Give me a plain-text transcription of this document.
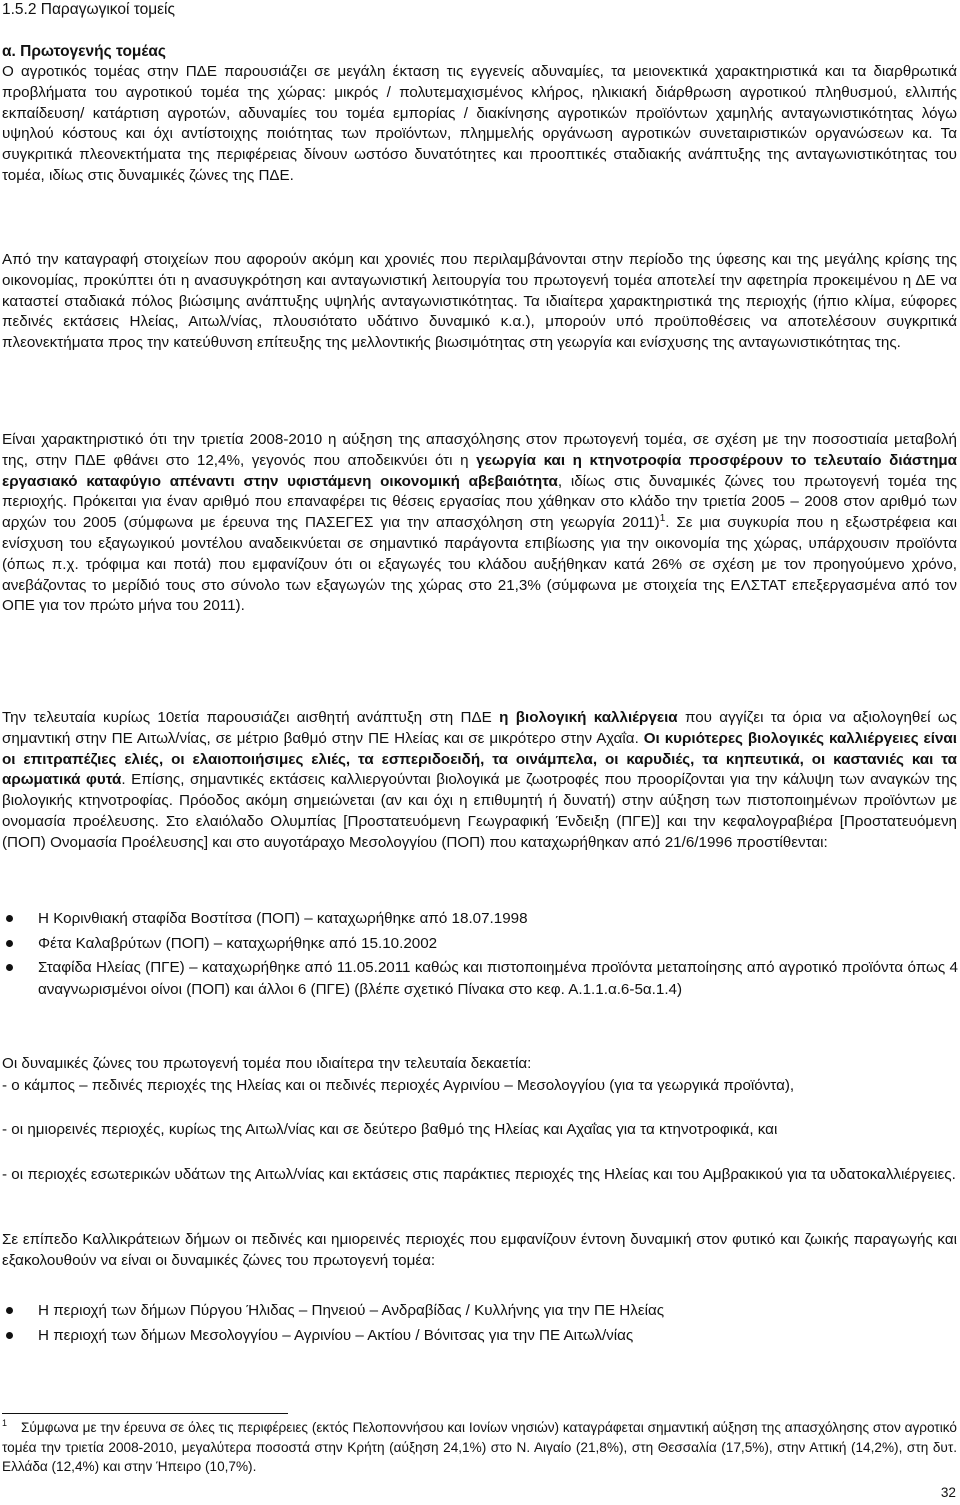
1.5.2 Παραγωγικοί τομείς
α. Πρωτογενής τομέας
Ο αγροτικός τομέας στην ΠΔΕ παρουσιάζει σε μεγάλη έκταση τις εγγενείς αδυναμίες, τα μειονεκτικά χαρακτηριστικά και τα διαρθρωτικά προβλήματα του αγροτικού τομέα της χώρας: μικρός / πολυτεμαχισμένος κλήρος, ηλικιακή διάρθρωση αγροτικού πληθυσμού, ελλιπής εκπαίδευση/ κατάρτιση αγροτών, αδυναμίες του τομέα εμπορίας / διακίνησης αγροτικών προϊόντων χαμηλής ανταγωνιστικότητας λόγω υψηλού κόστους και όχι αντίστοιχης ποιότητας των προϊόντων, πλημμελής οργάνωση αγροτικών συνεταιριστικών οργανώσεων κα. Τα συγκριτικά πλεονεκτήματα της περιφέρειας δίνουν ωστόσο δυνατότητες και προοπτικές σταδιακής ανάπτυξης της ανταγωνιστικότητας του τομέα, ιδίως στις δυναμικές ζώνες της ΠΔΕ.
Από την καταγραφή στοιχείων που αφορούν ακόμη και χρονιές που περιλαμβάνονται στην περίοδο της ύφεσης και της μεγάλης κρίσης της οικονομίας, προκύπτει ότι η ανασυγκρότηση και ανταγωνιστική λειτουργία του πρωτογενή τομέα αποτελεί την αφετηρία προκειμένου η ΔΕ να καταστεί σταδιακά πόλος βιώσιμης ανάπτυξης υψηλής ανταγωνιστικότητας. Τα ιδιαίτερα χαρακτηριστικά της περιοχής (ήπιο κλίμα, εύφορες πεδινές εκτάσεις Ηλείας, Αιτωλ/νίας, πλουσιότατο υδάτινο δυναμικό κ.α.), μπορούν υπό προϋποθέσεις να αποτελέσουν συγκριτικά πλεονεκτήματα προς την κατεύθυνση επίτευξης της μελλοντικής βιωσιμότητας στη γεωργία και ενίσχυσης της ανταγωνιστικότητας της.
Είναι χαρακτηριστικό ότι την τριετία 2008-2010 η αύξηση της απασχόλησης στον πρωτογενή τομέα, σε σχέση με την ποσοστιαία μεταβολή της, στην ΠΔΕ φθάνει στο 12,4%, γεγονός που αποδεικνύει ότι η γεωργία και η κτηνοτροφία προσφέρουν το τελευταίο διάστημα εργασιακό καταφύγιο απέναντι στην υφιστάμενη οικονομική αβεβαιότητα, ιδίως στις δυναμικές ζώνες του πρωτογενή τομέα της περιοχής. Πρόκειται για έναν αριθμό που επαναφέρει τις θέσεις εργασίας που χάθηκαν στο κλάδο την τριετία 2005 – 2008 στον αριθμό των αρχών του 2005 (σύμφωνα με έρευνα της ΠΑΣΕΓΕΣ για την απασχόληση στη γεωργία 2011)$^1$. Σε μια συγκυρία που η εξωστρέφεια και ενίσχυση του εξαγωγικού μοντέλου αναδεικνύεται σε σημαντικό παράγοντα επιβίωσης για την οικονομία της χώρας, υπάρχουσιν προϊόντα (όπως π.χ. τρόφιμα και ποτά) που εμφανίζουν ότι οι εξαγωγές του κλάδου αυξήθηκαν κατά 26% σε σχέση με τον προηγούμενο χρόνο, ανεβάζοντας το μερίδιό τους στο σύνολο των εξαγωγών της χώρας στο 21,3% (σύμφωνα με στοιχεία της ΕΛΣΤΑΤ επεξεργασμένα από τον ΟΠΕ για τον πρώτο μήνα του 2011).
Την τελευταία κυρίως 10ετία παρουσιάζει αισθητή ανάπτυξη στη ΠΔΕ η βιολογική καλλιέργεια που αγγίζει τα όρια να αξιολογηθεί ως σημαντική στην ΠΕ Αιτωλ/νίας, σε μέτριο βαθμό στην ΠΕ Ηλείας και σε μικρότερο στην Αχαΐα. Οι κυριότερες βιολογικές καλλιέργειες είναι οι επιτραπέζιες ελιές, οι ελαιοποιήσιμες ελιές, τα εσπεριδοειδή, τα οινάμπελα, οι καρυδιές, τα κηπευτικά, οι καστανιές και τα αρωματικά φυτά. Επίσης, σημαντικές εκτάσεις καλλιεργούνται βιολογικά με ζωοτροφές που προορίζονται για την κάλυψη των αναγκών της βιολογικής κτηνοτροφίας. Πρόοδος ακόμη σημειώνεται (αν και όχι η επιθυμητή ή δυνατή) στην αύξηση των πιστοποιημένων προϊόντων με ονομασία προέλευσης. Στο ελαιόλαδο Ολυμπίας [Προστατευόμενη Γεωγραφική Ένδειξη (ΠΓΕ)] και την κεφαλογραβιέρα [Προστατευόμενη (ΠΟΠ) Ονομασία Προέλευσης] και στο αυγοτάραχο Μεσολογγίου (ΠΟΠ) που καταχωρήθηκαν από 21/6/1996 προστίθενται:
Η Κορινθιακή σταφίδα Βοστίτσα (ΠΟΠ) – καταχωρήθηκε από 18.07.1998
Φέτα Καλαβρύτων (ΠΟΠ) – καταχωρήθηκε από 15.10.2002
Σταφίδα Ηλείας (ΠΓΕ) – καταχωρήθηκε από 11.05.2011 καθώς και πιστοποιημένα προϊόντα μεταποίησης από αγροτικό προϊόντα όπως 4 αναγνωρισμένοι οίνοι (ΠΟΠ) και άλλοι 6 (ΠΓΕ) (βλέπε σχετικό Πίνακα στο κεφ. Α.1.1.α.6-5α.1.4)
Οι δυναμικές ζώνες του πρωτογενή τομέα που ιδιαίτερα την τελευταία δεκαετία:
- ο κάμπος – πεδινές περιοχές της Ηλείας και οι πεδινές περιοχές Αγρινίου – Μεσολογγίου (για τα γεωργικά προϊόντα),
- οι ημιορεινές περιοχές, κυρίως της Αιτωλ/νίας και σε δεύτερο βαθμό της Ηλείας και Αχαΐας για τα κτηνοτροφικά, και
- οι περιοχές εσωτερικών υδάτων της Αιτωλ/νίας και εκτάσεις στις παράκτιες περιοχές της Ηλείας και του Αμβρακικού για τα υδατοκαλλιέργειες.
Σε επίπεδο Καλλικράτειων δήμων οι πεδινές και ημιορεινές περιοχές που εμφανίζουν έντονη δυναμική στον φυτικό και ζωικής παραγωγής και εξακολουθούν να είναι οι δυναμικές ζώνες του πρωτογενή τομέα:
Η περιοχή των δήμων Πύργου Ήλιδας – Πηνειού – Ανδραβίδας / Κυλλήνης για την ΠΕ Ηλείας
Η περιοχή των δήμων Μεσολογγίου – Αγρινίου – Ακτίου / Βόνιτσας για την ΠΕ Αιτωλ/νίας
$^1$ Σύμφωνα με την έρευνα σε όλες τις περιφέρειες (εκτός Πελοποννήσου και Ιονίων νησιών) καταγράφεται σημαντική αύξηση της απασχόλησης στον αγροτικό τομέα την τριετία 2008-2010, μεγαλύτερα ποσοστά στην Κρήτη (αύξηση 24,1%) στο Ν. Αιγαίο (21,8%), στη Θεσσαλία (17,5%), στην Αττική (14,2%), στη δυτ. Ελλάδα (12,4%) και στην Ήπειρο (10,7%).
32
